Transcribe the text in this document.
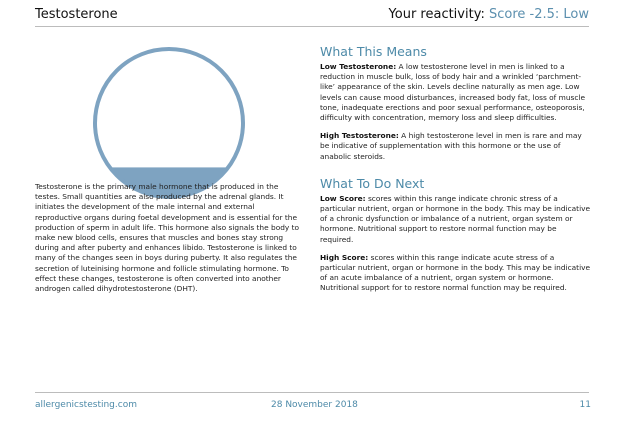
Testosterone	Your reactivity: Score -2.5: Low
Testosterone is the primary male hormone that is produced in the testes. Small quantities are also produced by the adrenal glands. It initiates the development of the male internal and external reproductive organs during foetal development and is essential for the production of sperm in adult life. This hormone also signals the body to make new blood cells, ensures that muscles and bones stay strong during and after puberty and enhances libido. Testosterone is linked to many of the changes seen in boys during puberty. It also regulates the secretion of luteinising hormone and follicle stimulating hormone. To effect these changes, testosterone is often converted into another androgen called dihydrotestosterone (DHT).
What This Means

Low Testosterone: A low testosterone level in men is linked to a reduction in muscle bulk, loss of body hair and a wrinkled ‘parchment-like’ appearance of the skin. Levels decline naturally as men age. Low levels can cause mood disturbances, increased body fat, loss of muscle tone, inadequate erections and poor sexual performance, osteoporosis, difficulty with concentration, memory loss and sleep difficulties.

High Testosterone: A high testosterone level in men is rare and may be indicative of supplementation with this hormone or the use of anabolic steroids.

What To Do Next

Low Score: scores within this range indicate chronic stress of a particular nutrient, organ or hormone in the body. This may be indicative of a chronic dysfunction or imbalance of a nutrient, organ system or hormone. Nutritional support to restore normal function may be required.

High Score: scores within this range indicate acute stress of a particular nutrient, organ or hormone in the body. This may be indicative of an acute imbalance of a nutrient, organ system or hormone. Nutritional support for to restore normal function may be required.

allergenicstesting.com	28 November 2018	11
